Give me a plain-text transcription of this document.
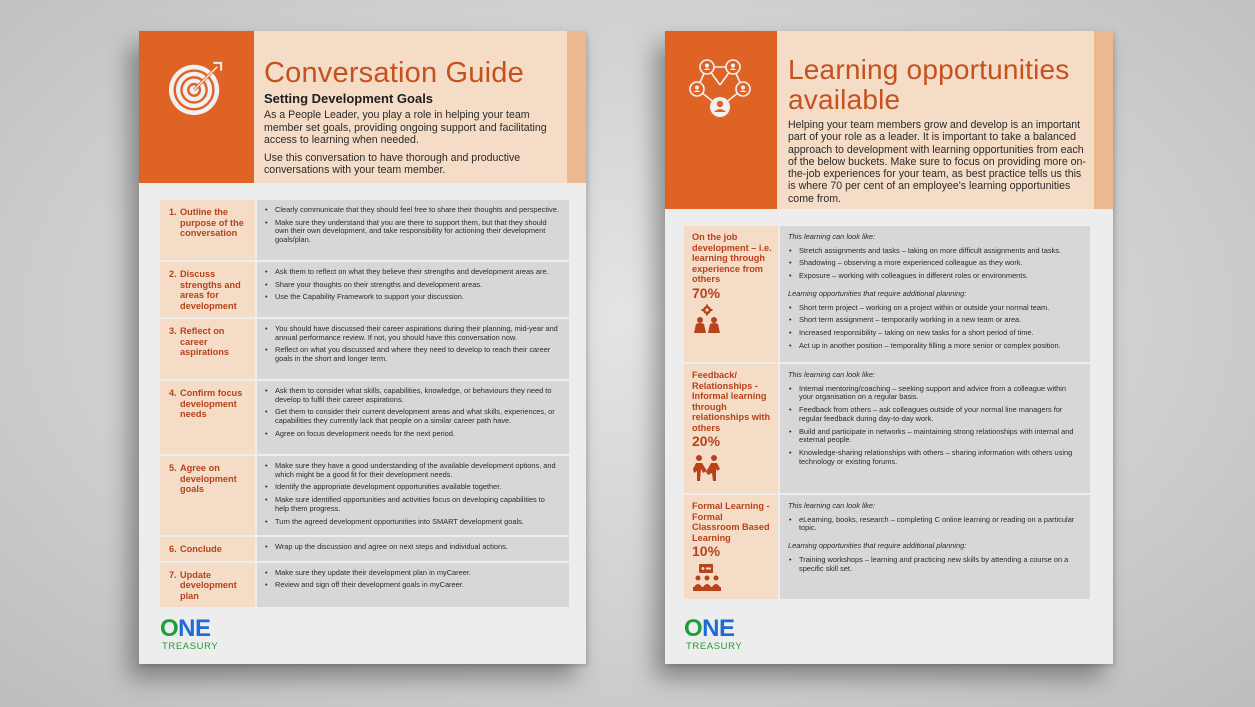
Conversation Guide
Setting Development Goals

As a People Leader, you play a role in helping your team member set goals, providing ongoing support and facilitating access to learning when needed.

Use this conversation to have thorough and productive conversations with your team member.

1. Outline the purpose of the conversation
• Clearly communicate that they should feel free to share their thoughts and perspective.
• Make sure they understand that you are there to support them, but that they should own their own development, and take responsibility for actioning their development goals/plan.
2. Discuss strengths and areas for development
• Ask them to reflect on what they believe their strengths and development areas are.
• Share your thoughts on their strengths and development areas.
• Use the Capability Framework to support your discussion.
3. Reflect on career aspirations
• You should have discussed their career aspirations during their planning, mid-year and annual performance review. If not, you should have this conversation now.
• Reflect on what you discussed and where they need to develop to reach their career goals in the short and longer term.
4. Confirm focus development needs
• Ask them to consider what skills, capabilities, knowledge, or behaviours they need to develop to fulfil their career aspirations.
• Get them to consider their current development areas and what skills, experiences, or capabilities they currently lack that people on a similar career path have.
• Agree on focus development needs for the next period.
5. Agree on development goals
• Make sure they have a good understanding of the available development options, and which might be a good fit for their development needs.
• Identify the appropriate development opportunities available together.
• Make sure identified opportunities and activities focus on developing capabilities to help them progress.
• Turn the agreed development opportunities into SMART development goals.
6. Conclude
•	Wrap up the discussion and agree on next steps and individual actions.
7. Update development plan
• Make sure they update their development plan in myCareer.
• Review and sign off their development goals in myCareer.
ONE
TREASURY
Learning opportunities available
Helping your team members grow and develop is an important part of your role as a leader. It is important to take a balanced approach to development with learning opportunities from each of the below buckets. Make sure to focus on providing more on-the-job experiences for your team, as best practice tells us this is where 70 per cent of an employee's learning opportunities come from.
On the job development – i.e. learning through experience from others
70%
This learning can look like:
• Stretch assignments and tasks – taking on more difficult assignments and tasks.
• Shadowing – observing a more experienced colleague as they work.
• Exposure – working with colleagues in different roles or environments.
Learning opportunities that require additional planning:
• Short term project – working on a project within or outside your normal team.
• Short term assignment – temporarily working in a new team or area.
• Increased responsibility – taking on new tasks for a short period of time.
• Act up in another position – temporality filling a more senior or complex position.
Feedback/ Relationships -Informal learning through relationships with others
20%
This learning can look like:
• Internal mentoring/coaching – seeking support and advice from a colleague within your organisation on a regular basis.
• Feedback from others – ask colleagues outside of your normal line managers for regular feedback during day-to-day work.
• Build and participate in networks – maintaining strong relationships with internal and external people.
• Knowledge-sharing relationships with others – sharing information with others using technology or existing forums.
Formal Learning - Formal Classroom Based Learning
10%
This learning can look like:
• eLearning, books, research – completing C online learning or reading on a particular topic.
Learning opportunities that require additional planning:
• Training workshops – learning and practicing new skills by attending a course on a specific skill set.
ONE
TREASURY
